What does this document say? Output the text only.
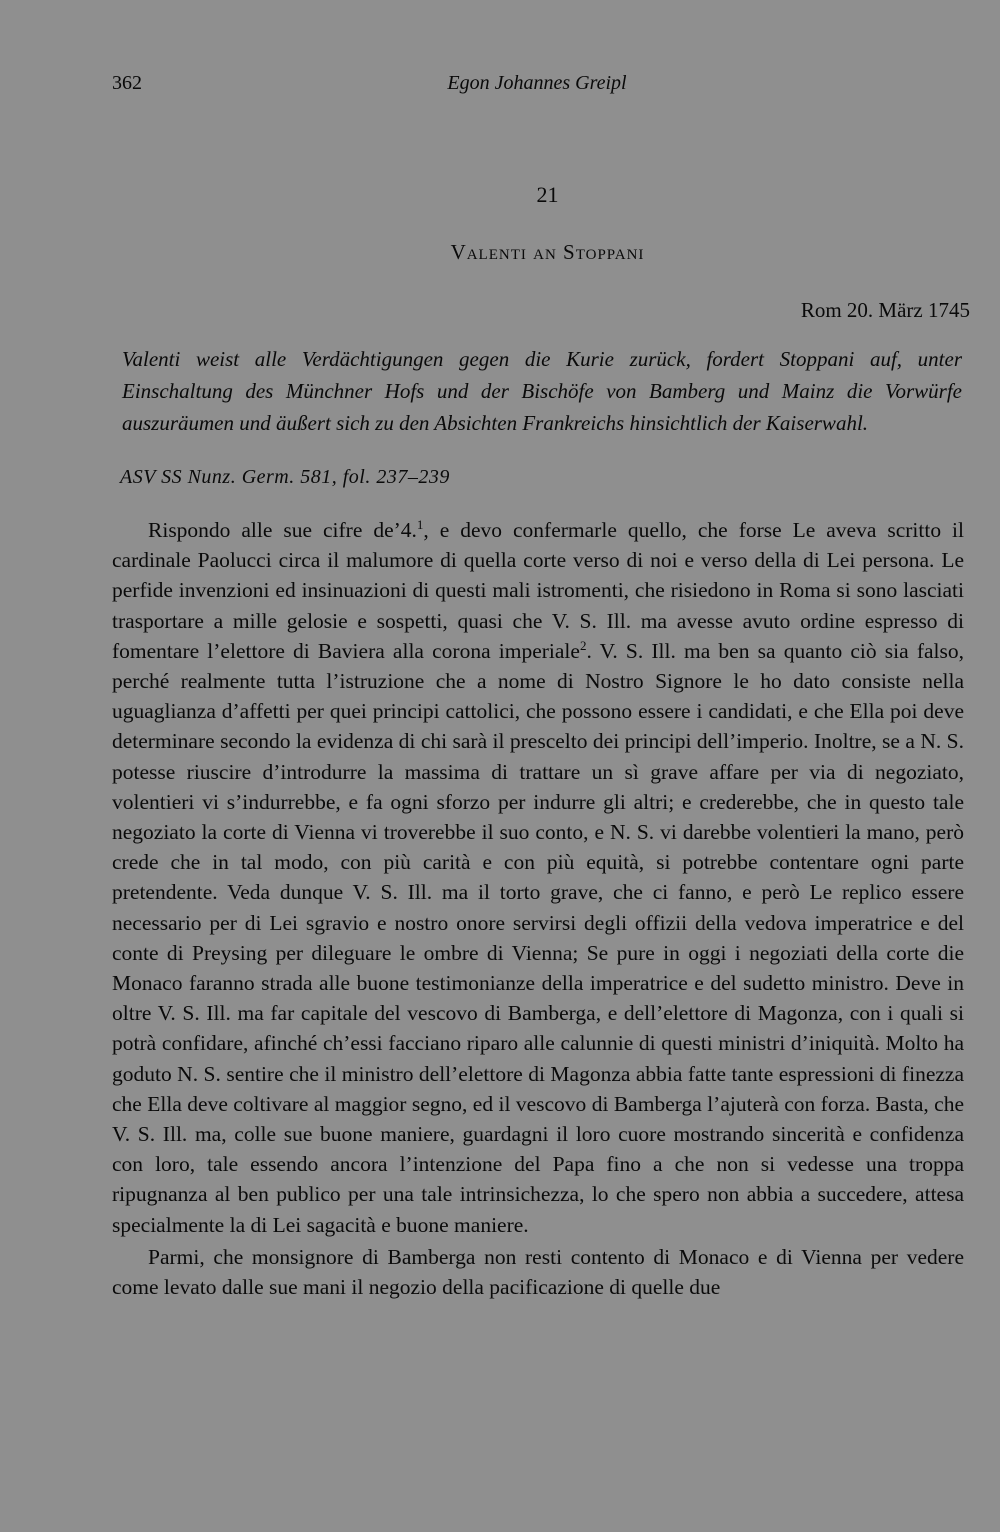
362	Egon Johannes Greipl
21
Valenti an Stoppani
Rom 20. März 1745
Valenti weist alle Verdächtigungen gegen die Kurie zurück, fordert Stoppani auf, unter Einschaltung des Münchner Hofs und der Bischöfe von Bamberg und Mainz die Vorwürfe auszuräumen und äußert sich zu den Absichten Frankreichs hinsichtlich der Kaiserwahl.
ASV SS Nunz. Germ. 581, fol. 237–239

Rispondo alle sue cifre de’4.$^1$, e devo confermarle quello, che forse Le aveva scritto il cardinale Paolucci circa il malumore di quella corte verso di noi e verso della di Lei persona. Le perfide invenzioni ed insinuazioni di questi mali istromenti, che risiedono in Roma si sono lasciati trasportare a mille gelosie e sospetti, quasi che V. S. Ill. ma avesse avuto ordine espresso di fomentare l’elettore di Baviera alla corona imperiale$^2$. V. S. Ill. ma ben sa quanto ciò sia falso, perché realmente tutta l’istruzione che a nome di Nostro Signore le ho dato consiste nella uguaglianza d’affetti per quei principi cattolici, che possono essere i candidati, e che Ella poi deve determinare secondo la evidenza di chi sarà il prescelto dei principi dell’imperio. Inoltre, se a N. S. potesse riuscire d’introdurre la massima di trattare un sì grave affare per via di negoziato, volentieri vi s’indurrebbe, e fa ogni sforzo per indurre gli altri; e crederebbe, che in questo tale negoziato la corte di Vienna vi troverebbe il suo conto, e N. S. vi darebbe volentieri la mano, però crede che in tal modo, con più carità e con più equità, si potrebbe contentare ogni parte pretendente. Veda dunque V. S. Ill. ma il torto grave, che ci fanno, e però Le replico essere necessario per di Lei sgravio e nostro onore servirsi degli offizii della vedova imperatrice e del conte di Preysing per dileguare le ombre di Vienna; Se pure in oggi i negoziati della corte die Monaco faranno strada alle buone testimonianze della imperatrice e del sudetto ministro. Deve in oltre V. S. Ill. ma far capitale del vescovo di Bamberga, e dell’elettore di Magonza, con i quali si potrà confidare, afinché ch’essi facciano riparo alle calunnie di questi ministri d’iniquità. Molto ha goduto N. S. sentire che il ministro dell’elettore di Magonza abbia fatte tante espressioni di finezza che Ella deve coltivare al maggior segno, ed il vescovo di Bamberga l’ajuterà con forza. Basta, che V. S. Ill. ma, colle sue buone maniere, guardagni il loro cuore mostrando sincerità e confidenza con loro, tale essendo ancora l’intenzione del Papa fino a che non si vedesse una troppa ripugnanza al ben publico per una tale intrinsichezza, lo che spero non abbia a succedere, attesa specialmente la di Lei sagacità e buone maniere.

Parmi, che monsignore di Bamberga non resti contento di Monaco e di Vienna per vedere come levato dalle sue mani il negozio della pacificazione di quelle due
